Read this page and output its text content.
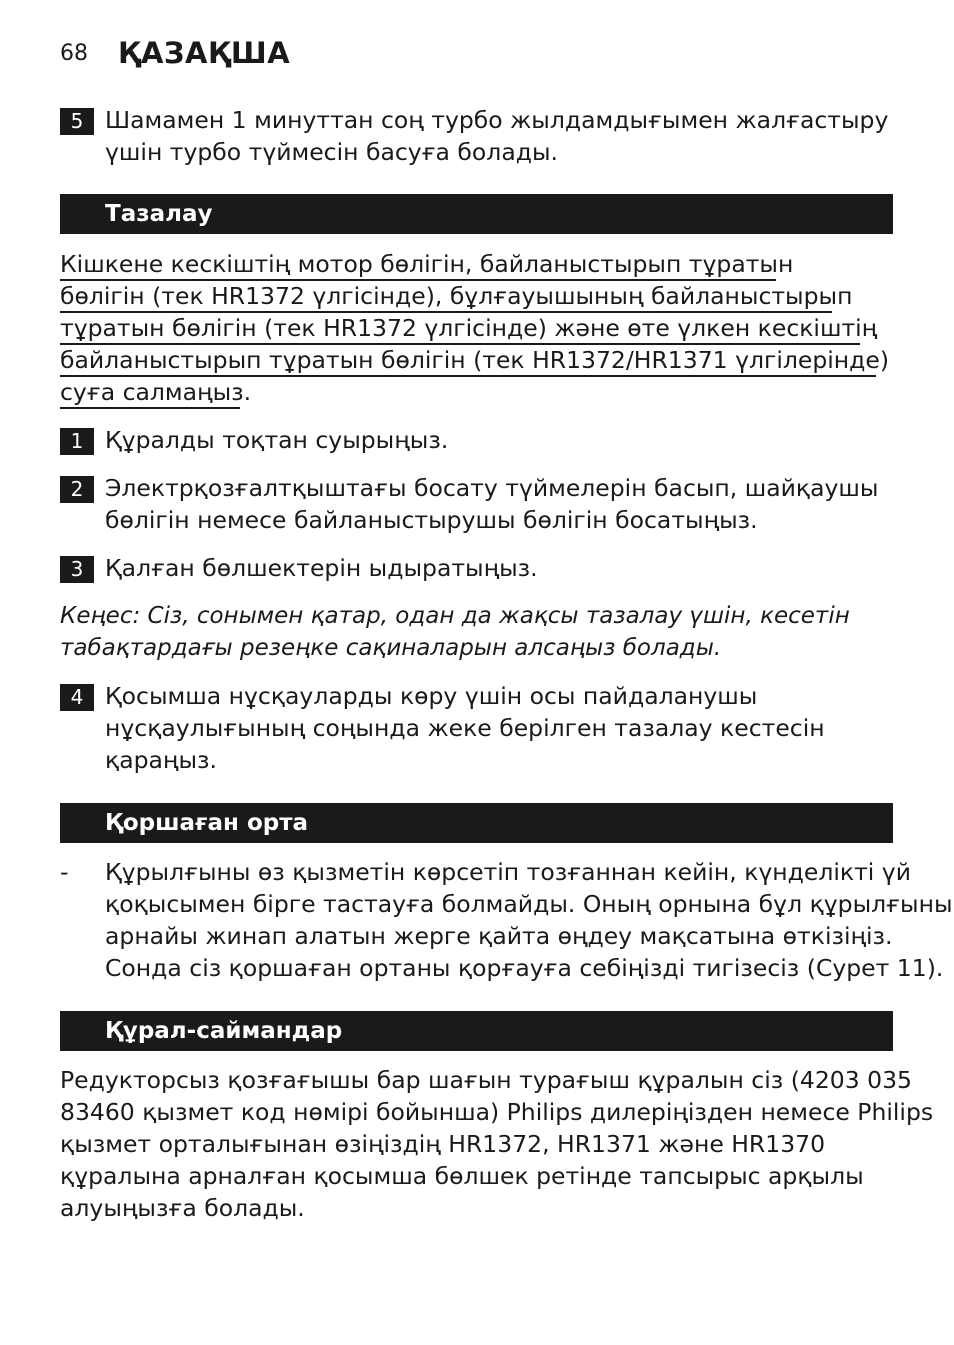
68 ҚАЗАҚША
5 Шамамен 1 минуттан соң турбо жылдамдығымен жалғастыру
үшін турбо түймесін басуға болады.
Тазалау
Кішкене кескіштің мотор бөлігін, байланыстырып тұратын
бөлігін (тек HR1372 үлгісінде), бұлғауышының байланыстырып
тұратын бөлігін (тек HR1372 үлгісінде) және өте үлкен кескіштің
байланыстырып тұратын бөлігін (тек HR1372/HR1371 үлгілерінде)
суға салмаңыз.
1 Құралды тоқтан суырыңыз.
2 Электрқозғалтқыштағы босату түймелерін басып, шайқаушы
бөлігін немесе байланыстырушы бөлігін босатыңыз.
3 Қалған бөлшектерін ыдыратыңыз.
Кеңес: Сіз, сонымен қатар, одан да жақсы тазалау үшін, кесетін
табақтардағы резеңке сақиналарын алсаңыз болады.
4 Қосымша нұсқауларды көру үшін осы пайдаланушы
нұсқаулығының соңында жеке берілген тазалау кестесін
қараңыз.
Қоршаған орта
- Құрылғыны өз қызметін көрсетіп тозғаннан кейін, күнделікті үй
қоқысымен бірге тастауға болмайды. Оның орнына бұл құрылғыны
арнайы жинап алатын жерге қайта өңдеу мақсатына өткізіңіз.
Сонда сіз қоршаған ортаны қорғауға себіңізді тигізесіз (Сурет 11).
Құрал-саймандар
Редукторсыз қозғағышы бар шағын турағыш құралын сіз (4203 035
83460 қызмет код нөмірі бойынша) Philips дилеріңізден немесе Philips
қызмет орталығынан өзіңіздің HR1372, HR1371 және HR1370
құралына арналған қосымша бөлшек ретінде тапсырыс арқылы
алуыңызға болады.
